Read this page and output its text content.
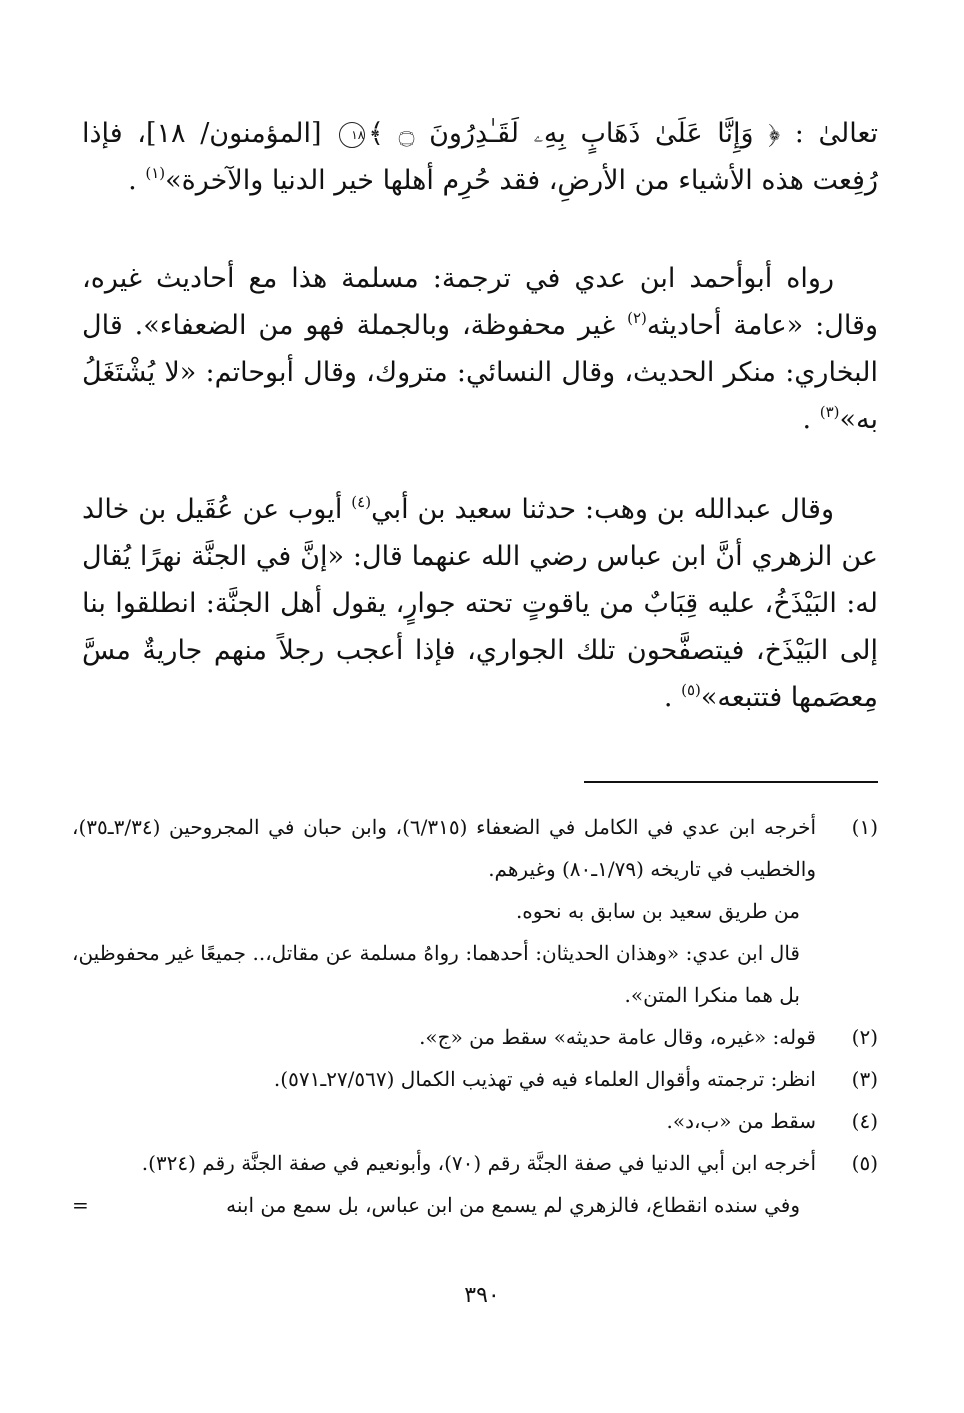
تعالىٰ : ﴿ وَإِنَّا عَلَىٰ ذَهَابٍ بِهِۦ لَقَـٰدِرُونَ ۝ ﴾١٨ [المؤمنون/ ١٨]، فإذا رُفِعت هذه الأشياء من الأرضِ، فقد حُرِم أهلها خير الدنيا والآخرة»$^{(١)}$ .

رواه أبوأحمد ابن عدي في ترجمة: مسلمة هذا مع أحاديث غيره، وقال: «عامة أحاديثه$^{(٢)}$ غير محفوظة، وبالجملة فهو من الضعفاء». قال البخاري: منكر الحديث، وقال النسائي: متروك، وقال أبوحاتم: «لا يُشْتَغَلُ به»$^{(٣)}$ .

وقال عبدالله بن وهب: حدثنا سعيد بن أبي$^{(٤)}$ أيوب عن عُقَيل بن خالد عن الزهري أنَّ ابن عباس رضي الله عنهما قال: «إنَّ في الجنَّة نهرًا يُقال له: البَيْذَخُ، عليه قِبَابٌ من ياقوتٍ تحته جوارٍ، يقول أهل الجنَّة: انطلقوا بنا إلى البَيْذَخ، فيتصفَّحون تلك الجواري، فإذا أعجب رجلاً منهم جاريةٌ مسَّ مِعصَمها فتتبعه»$^{(٥)}$ .

(١)
أخرجه ابن عدي في الكامل في الضعفاء (٦/٣١٥)، وابن حبان في المجروحين (٣/٣٤ـ٣٥)، والخطيب في تاريخه (١/٧٩ـ٨٠) وغيرهم.

من طريق سعيد بن سابق به نحوه.

قال ابن عدي: «وهذان الحديثان: أحدهما: رواهُ مسلمة عن مقاتل،.. جميعًا غير محفوظين، بل هما منكرا المتن».

(٢)
قوله: «غيره، وقال عامة حديثه» سقط من «ج».

(٣)
انظر: ترجمته وأقوال العلماء فيه في تهذيب الكمال (٢٧/٥٦٧ـ٥٧١).

(٤)
سقط من «ب،د».

(٥)
أخرجه ابن أبي الدنيا في صفة الجنَّة رقم (٧٠)، وأبونعيم في صفة الجنَّة رقم (٣٢٤).

وفي سنده انقطاع، فالزهري لم يسمع من ابن عباس، بل سمع من ابنه
=

٣٩٠
